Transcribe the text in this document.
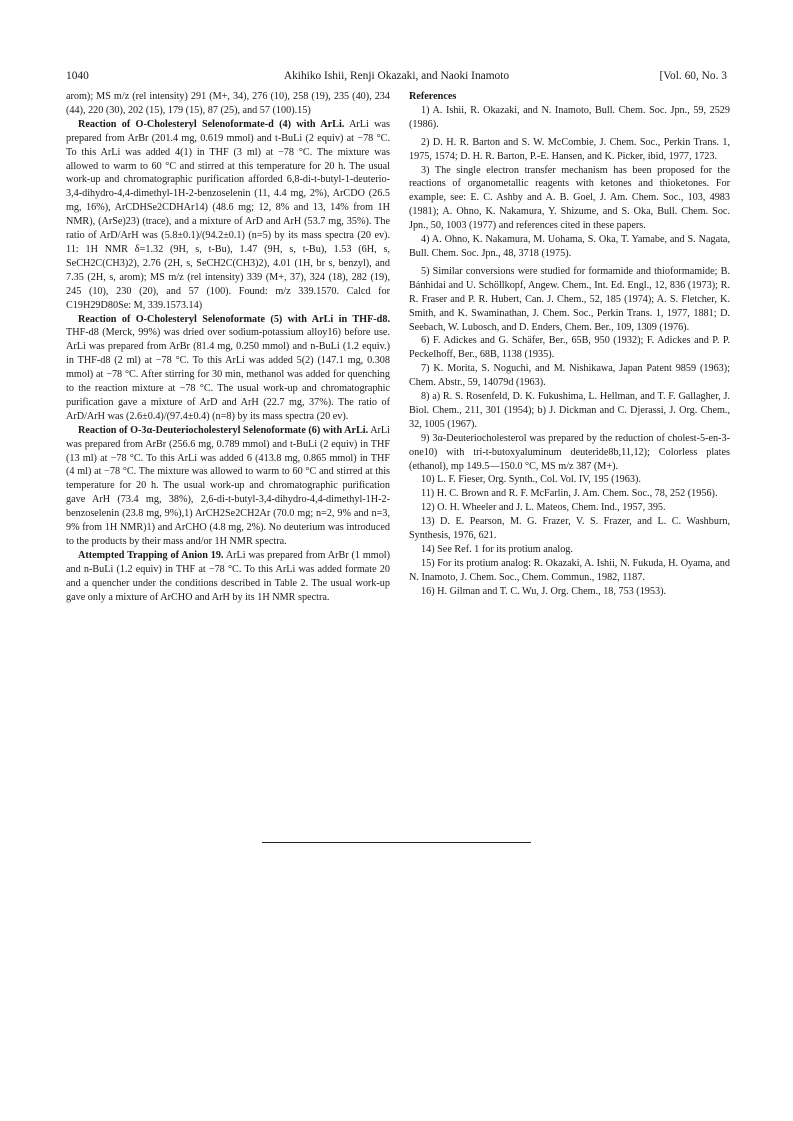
1040	Akihiko Ishii, Renji Okazaki, and Naoki Inamoto	[Vol. 60, No. 3

arom); MS m/z (rel intensity) 291 (M+, 34), 276 (10), 258 (19), 235 (40), 234 (44), 220 (30), 202 (15), 179 (15), 87 (25), and 57 (100).15)

Reaction of O-Cholesteryl Selenoformate-d (4) with ArLi. ArLi was prepared from ArBr (201.4 mg, 0.619 mmol) and t-BuLi (2 equiv) at −78 °C. To this ArLi was added 4(1) in THF (3 ml) at −78 °C. The mixture was allowed to warm to 60 °C and stirred at this temperature for 20 h. The usual work-up and chromatographic purification afforded 6,8-di-t-butyl-1-deuterio-3,4-dihydro-4,4-dimethyl-1H-2-benzoselenin (11, 4.4 mg, 2%), ArCDO (26.5 mg, 16%), ArCDHSe2CDHAr14) (48.6 mg; 12, 8% and 13, 14% from 1H NMR), (ArSe)23) (trace), and a mixture of ArD and ArH (53.7 mg, 35%). The ratio of ArD/ArH was (5.8±0.1)/(94.2±0.1) (n=5) by its mass spectra (20 ev). 11: 1H NMR δ=1.32 (9H, s, t-Bu), 1.47 (9H, s, t-Bu), 1.53 (6H, s, SeCH2C(CH3)2), 2.76 (2H, s, SeCH2C(CH3)2), 4.01 (1H, br s, benzyl), and 7.35 (2H, s, arom); MS m/z (rel intensity) 339 (M+, 37), 324 (18), 282 (19), 245 (10), 230 (20), and 57 (100). Found: m/z 339.1570. Calcd for C19H29D80Se: M, 339.1573.14)

Reaction of O-Cholesteryl Selenoformate (5) with ArLi in THF-d8. THF-d8 (Merck, 99%) was dried over sodium-potassium alloy16) before use. ArLi was prepared from ArBr (81.4 mg, 0.250 mmol) and n-BuLi (1.2 equiv.) in THF-d8 (2 ml) at −78 °C. To this ArLi was added 5(2) (147.1 mg, 0.308 mmol) at −78 °C. After stirring for 30 min, methanol was added for quenching to the reaction mixture at −78 °C. The usual work-up and chromatographic purification gave a mixture of ArD and ArH (22.7 mg, 37%). The ratio of ArD/ArH was (2.6±0.4)/(97.4±0.4) (n=8) by its mass spectra (20 ev).

Reaction of O-3α-Deuteriocholesteryl Selenoformate (6) with ArLi. ArLi was prepared from ArBr (256.6 mg, 0.789 mmol) and t-BuLi (2 equiv) in THF (13 ml) at −78 °C. To this ArLi was added 6 (413.8 mg, 0.865 mmol) in THF (4 ml) at −78 °C. The mixture was allowed to warm to 60 °C and stirred at this temperature for 20 h. The usual work-up and chromatographic purification gave ArH (73.4 mg, 38%), 2,6-di-t-butyl-3,4-dihydro-4,4-dimethyl-1H-2-benzoselenin (23.8 mg, 9%),1) ArCH2Se2CH2Ar (70.0 mg; n=2, 9% and n=3, 9% from 1H NMR)1) and ArCHO (4.8 mg, 2%). No deuterium was introduced to the products by their mass and/or 1H NMR spectra.

Attempted Trapping of Anion 19. ArLi was prepared from ArBr (1 mmol) and n-BuLi (1.2 equiv) in THF at −78 °C. To this ArLi was added formate 20 and a quencher under the conditions described in Table 2. The usual work-up gave only a mixture of ArCHO and ArH by its 1H NMR spectra.

References

1) A. Ishii, R. Okazaki, and N. Inamoto, Bull. Chem. Soc. Jpn., 59, 2529 (1986).

2) D. H. R. Barton and S. W. McCombie, J. Chem. Soc., Perkin Trans. 1, 1975, 1574; D. H. R. Barton, P.-E. Hansen, and K. Picker, ibid, 1977, 1723.

3) The single electron transfer mechanism has been proposed for the reactions of organometallic reagents with ketones and thioketones. For example, see: E. C. Ashby and A. B. Goel, J. Am. Chem. Soc., 103, 4983 (1981); A. Ohno, K. Nakamura, Y. Shizume, and S. Oka, Bull. Chem. Soc. Jpn., 50, 1003 (1977) and references cited in these papers.

4) A. Ohno, K. Nakamura, M. Uohama, S. Oka, T. Yamabe, and S. Nagata, Bull. Chem. Soc. Jpn., 48, 3718 (1975).

5) Similar conversions were studied for formamide and thioformamide; B. Bánhidai and U. Schöllkopf, Angew. Chem., Int. Ed. Engl., 12, 836 (1973); R. R. Fraser and P. R. Hubert, Can. J. Chem., 52, 185 (1974); A. S. Fletcher, K. Smith, and K. Swaminathan, J. Chem. Soc., Perkin Trans. 1, 1977, 1881; D. Seebach, W. Lubosch, and D. Enders, Chem. Ber., 109, 1309 (1976).

6) F. Adickes and G. Schäfer, Ber., 65B, 950 (1932); F. Adickes and P. P. Peckelhoff, Ber., 68B, 1138 (1935).

7) K. Morita, S. Noguchi, and M. Nishikawa, Japan Patent 9859 (1963); Chem. Abstr., 59, 14079d (1963).

8) a) R. S. Rosenfeld, D. K. Fukushima, L. Hellman, and T. F. Gallagher, J. Biol. Chem., 211, 301 (1954); b) J. Dickman and C. Djerassi, J. Org. Chem., 32, 1005 (1967).

9) 3α-Deuteriocholesterol was prepared by the reduction of cholest-5-en-3-one10) with tri-t-butoxyaluminum deuteride8b,11,12); Colorless plates (ethanol), mp 149.5—150.0 °C, MS m/z 387 (M+).

10) L. F. Fieser, Org. Synth., Col. Vol. IV, 195 (1963).

11) H. C. Brown and R. F. McFarlin, J. Am. Chem. Soc., 78, 252 (1956).

12) O. H. Wheeler and J. L. Mateos, Chem. Ind., 1957, 395.

13) D. E. Pearson, M. G. Frazer, V. S. Frazer, and L. C. Washburn, Synthesis, 1976, 621.

14) See Ref. 1 for its protium analog.

15) For its protium analog: R. Okazaki, A. Ishii, N. Fukuda, H. Oyama, and N. Inamoto, J. Chem. Soc., Chem. Commun., 1982, 1187.

16) H. Gilman and T. C. Wu, J. Org. Chem., 18, 753 (1953).
